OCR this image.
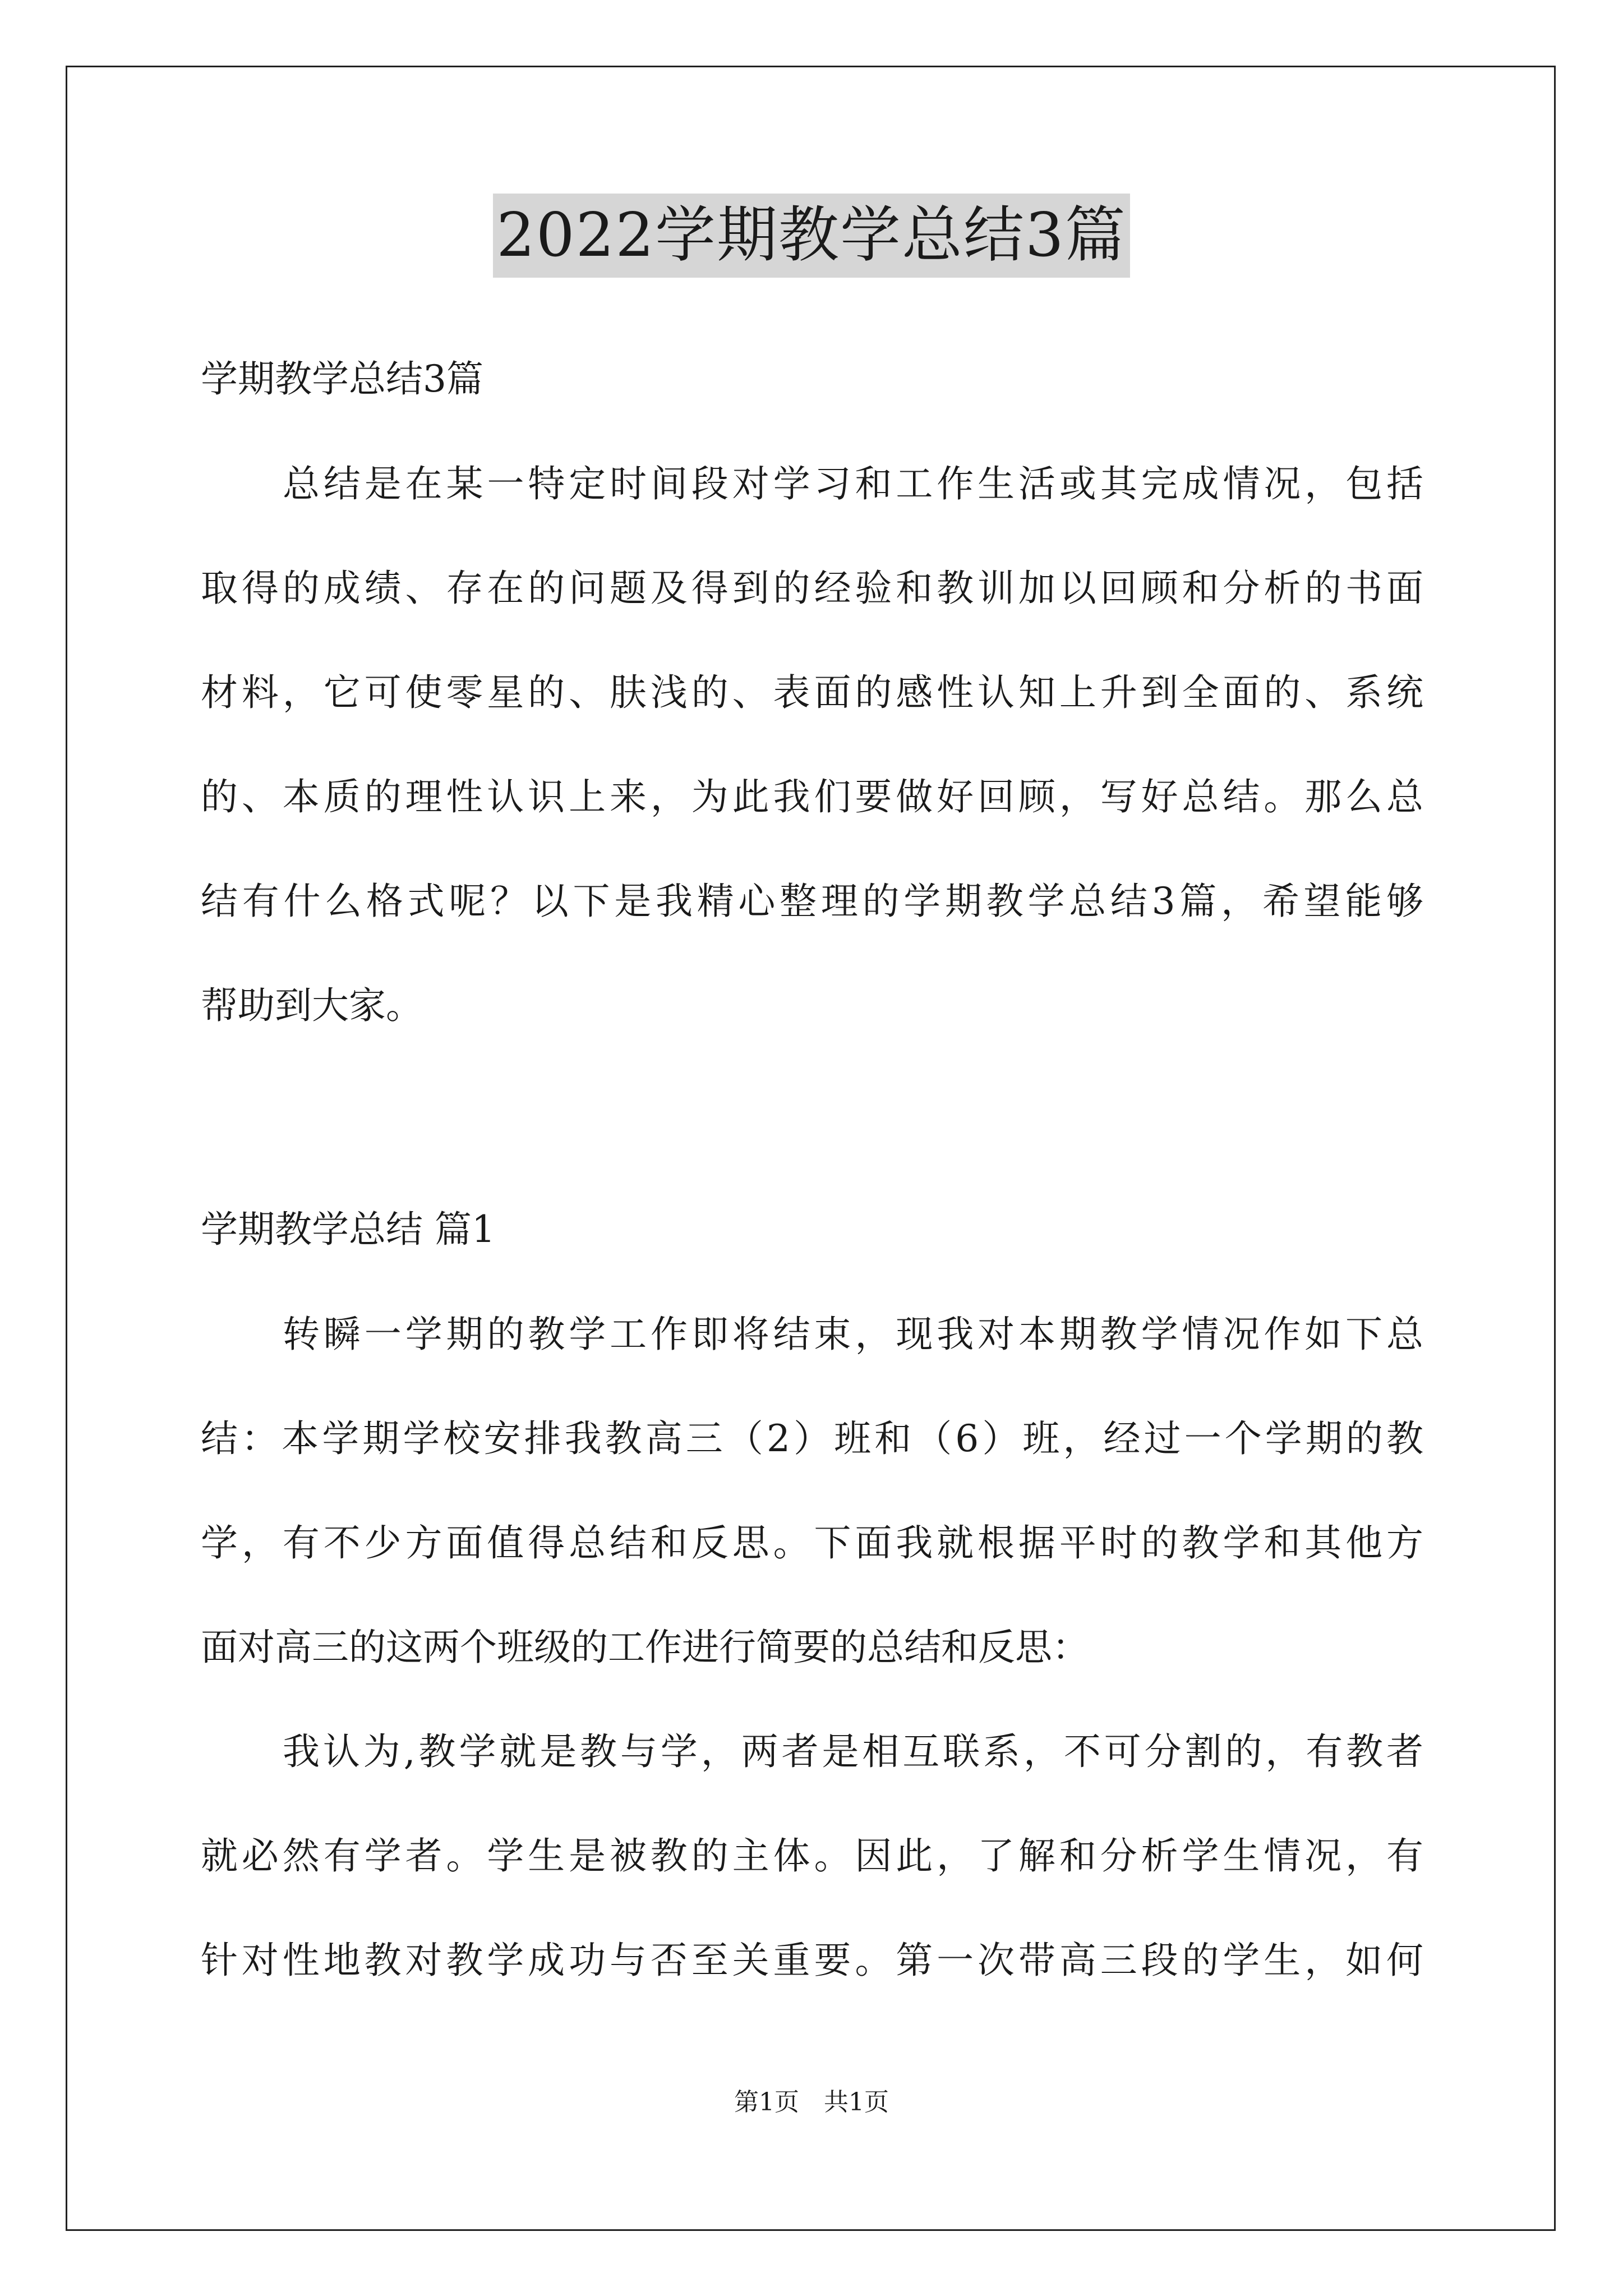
2022学期教学总结3篇
学期教学总结3篇
总结是在某一特定时间段对学习和工作生活或其完成情况，包括
取得的成绩、存在的问题及得到的经验和教训加以回顾和分析的书面
材料，它可使零星的、肤浅的、表面的感性认知上升到全面的、系统
的、本质的理性认识上来，为此我们要做好回顾，写好总结。那么总
结有什么格式呢？以下是我精心整理的学期教学总结3篇，希望能够
帮助到大家。
学期教学总结 篇1
转瞬一学期的教学工作即将结束，现我对本期教学情况作如下总
结：本学期学校安排我教高三（2）班和（6）班，经过一个学期的教
学，有不少方面值得总结和反思。下面我就根据平时的教学和其他方
面对高三的这两个班级的工作进行简要的总结和反思：
我认为,教学就是教与学，两者是相互联系，不可分割的，有教者
就必然有学者。学生是被教的主体。因此，了解和分析学生情况，有
针对性地教对教学成功与否至关重要。第一次带高三段的学生，如何
第1页　共1页
